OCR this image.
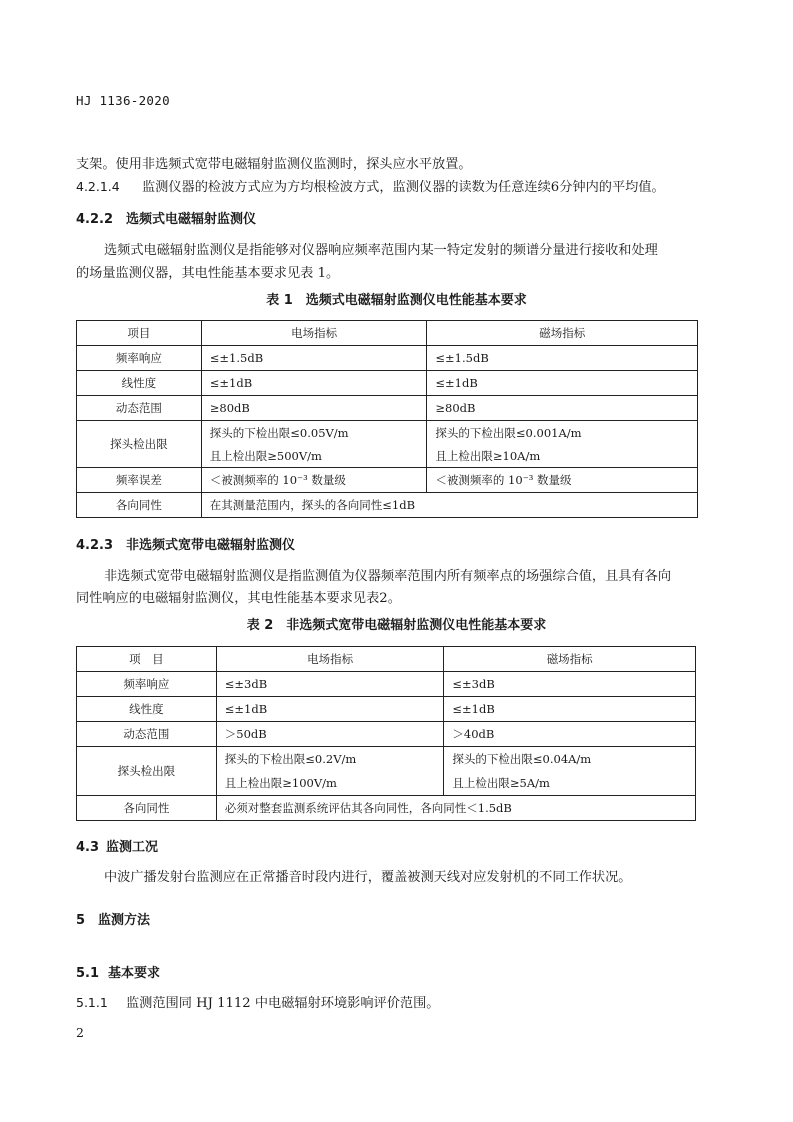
HJ 1136-2020
支架。使用非选频式宽带电磁辐射监测仪监测时，探头应水平放置。
4.2.1.4 监测仪器的检波方式应为方均根检波方式，监测仪器的读数为任意连续6分钟内的平均值。
4.2.2 选频式电磁辐射监测仪
选频式电磁辐射监测仪是指能够对仪器响应频率范围内某一特定发射的频谱分量进行接收和处理
的场量监测仪器，其电性能基本要求见表 1。
表 1　选频式电磁辐射监测仪电性能基本要求
项目	电场指标	磁场指标
频率响应	≤±1.5dB	≤±1.5dB
线性度	≤±1dB	≤±1dB
动态范围	≥80dB	≥80dB
探头检出限	探头的下检出限≤0.05V/m	探头的下检出限≤0.001A/m
	且上检出限≥500V/m	且上检出限≥10A/m
频率误差	＜被测频率的 10⁻³ 数量级	＜被测频率的 10⁻³ 数量级
各向同性	在其测量范围内，探头的各向同性≤1dB	
4.2.3 非选频式宽带电磁辐射监测仪
非选频式宽带电磁辐射监测仪是指监测值为仪器频率范围内所有频率点的场强综合值，且具有各向
同性响应的电磁辐射监测仪，其电性能基本要求见表2。
表 2　非选频式宽带电磁辐射监测仪电性能基本要求
项　目	电场指标	磁场指标
频率响应	≤±3dB	≤±3dB
线性度	≤±1dB	≤±1dB
动态范围	＞50dB	＞40dB
探头检出限	探头的下检出限≤0.2V/m	探头的下检出限≤0.04A/m
	且上检出限≥100V/m	且上检出限≥5A/m
各向同性	必须对整套监测系统评估其各向同性，各向同性＜1.5dB	
4.3 监测工况
中波广播发射台监测应在正常播音时段内进行，覆盖被测天线对应发射机的不同工作状况。
5 监测方法
5.1 基本要求
5.1.1 监测范围同 HJ 1112 中电磁辐射环境影响评价范围。
2
